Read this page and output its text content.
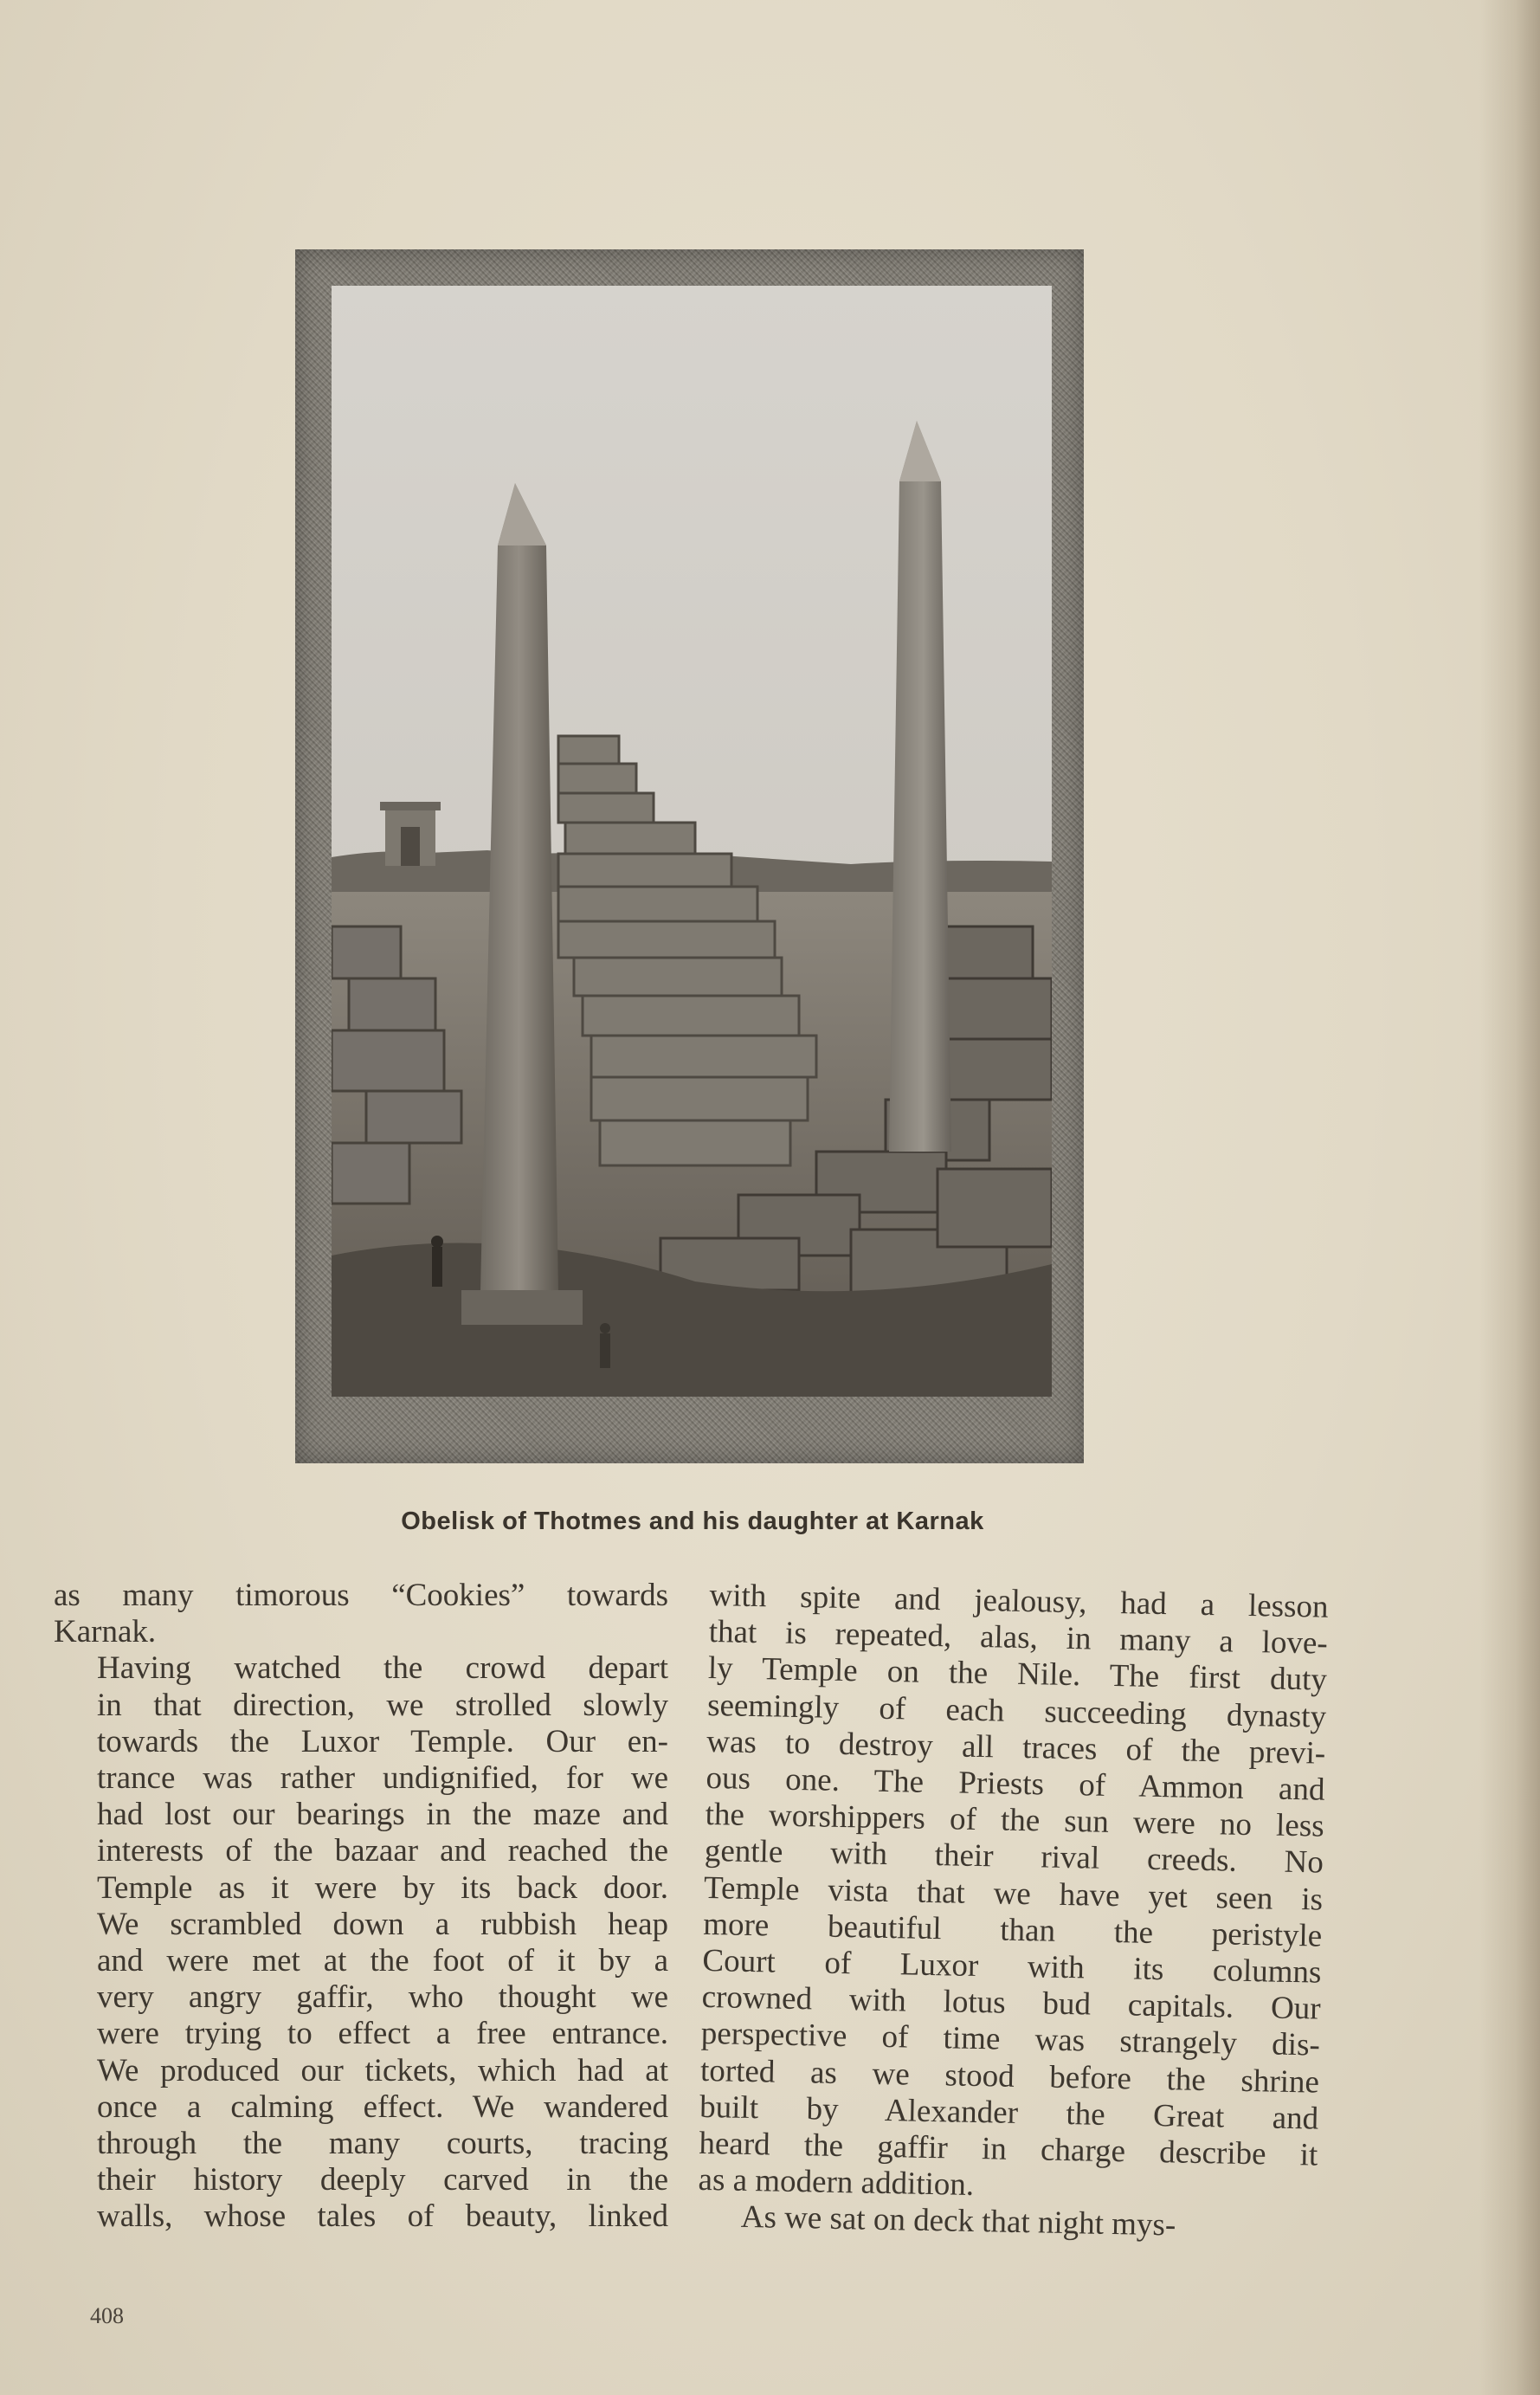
Obelisk of Thotmes and his daughter at Karnak

as many timorous “Cookies” towards
Karnak.

Having watched the crowd depart
in that direction, we strolled slowly
towards the Luxor Temple. Our en-
trance was rather undignified, for we
had lost our bearings in the maze and
interests of the bazaar and reached the
Temple as it were by its back door.
We scrambled down a rubbish heap
and were met at the foot of it by a
very angry gaffir, who thought we
were trying to effect a free entrance.
We produced our tickets, which had at
once a calming effect. We wandered
through the many courts, tracing
their history deeply carved in the
walls, whose tales of beauty, linked

with spite and jealousy, had a lesson
that is repeated, alas, in many a love-
ly Temple on the Nile. The first duty
seemingly of each succeeding dynasty
was to destroy all traces of the previ-
ous one. The Priests of Ammon and
the worshippers of the sun were no less
gentle with their rival creeds. No
Temple vista that we have yet seen is
more beautiful than the peristyle
Court of Luxor with its columns
crowned with lotus bud capitals. Our
perspective of time was strangely dis-
torted as we stood before the shrine
built by Alexander the Great and
heard the gaffir in charge describe it
as a modern addition.

As we sat on deck that night mys-

408
